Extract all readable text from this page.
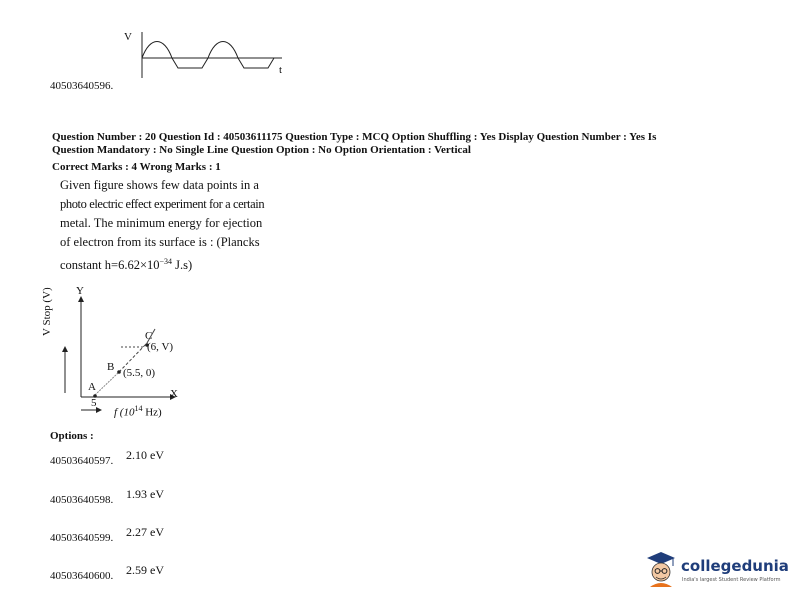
V
t
40503640596.
Question Number : 20 Question Id : 40503611175 Question Type : MCQ Option Shuffling : Yes Display Question Number : Yes Is
Question Mandatory : No Single Line Question Option : No Option Orientation : Vertical
Correct Marks : 4 Wrong Marks : 1
Given figure shows few data points in a
photo electric effect experiment for a certain
metal. The minimum energy for ejection
of electron from its surface is : (Plancks
constant $h=6.62\times 10^{-34}$ J.s)
Y
V Stop (V)
X
5
f ($10^{14}$ Hz)
A
B (5.5, 0)
C
(6, V)
Options :
40503640597. 2.10 eV
40503640598. 1.93 eV
40503640599. 2.27 eV
40503640600. 2.59 eV	collegedunia
India's largest Student Review Platform
